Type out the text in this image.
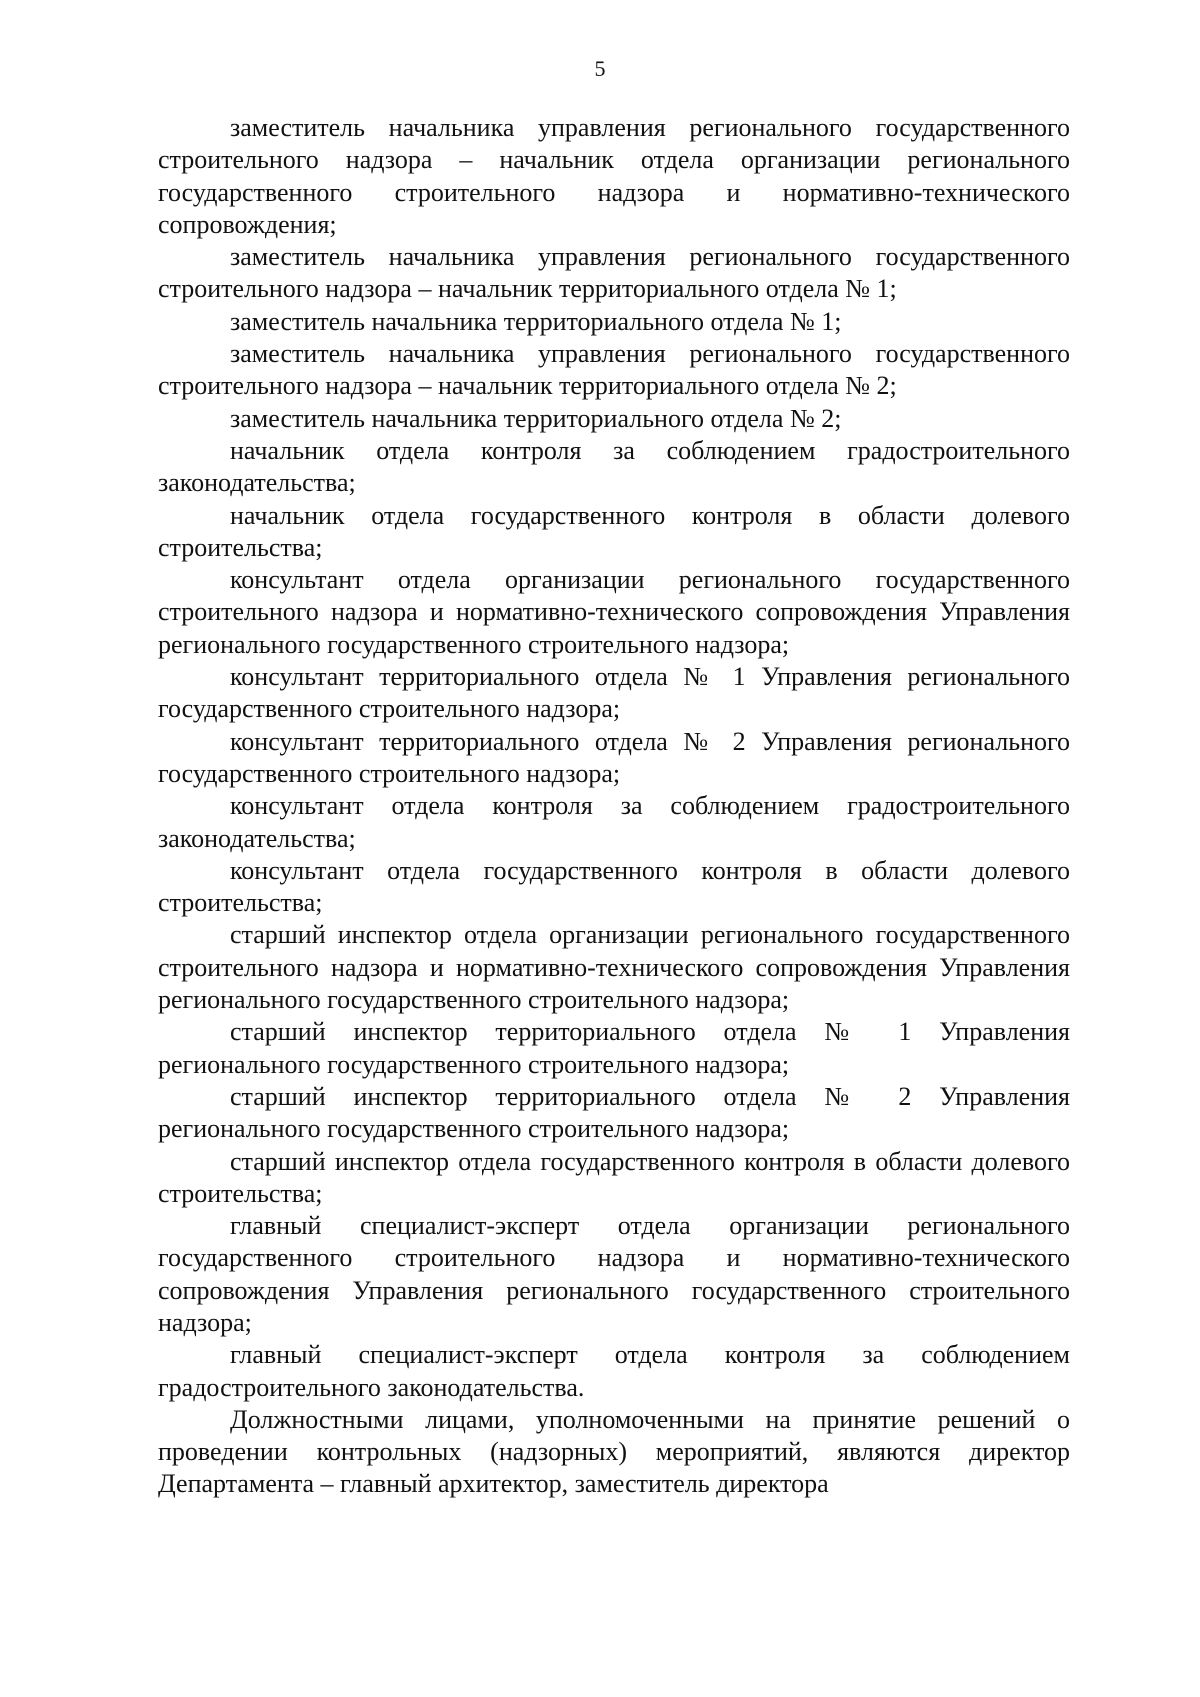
5

заместитель начальника управления регионального государственного строительного надзора – начальник отдела организации регионального государственного строительного надзора и нормативно-технического сопровождения;

заместитель начальника управления регионального государственного строительного надзора – начальник территориального отдела № 1;

заместитель начальника территориального отдела № 1;

заместитель начальника управления регионального государственного строительного надзора – начальник территориального отдела № 2;

заместитель начальника территориального отдела № 2;

начальник отдела контроля за соблюдением градостроительного законодательства;

начальник отдела государственного контроля в области долевого строительства;

консультант отдела организации регионального государственного строительного надзора и нормативно-технического сопровождения Управления регионального государственного строительного надзора;

консультант территориального отдела № 1 Управления регионального государственного строительного надзора;

консультант территориального отдела № 2 Управления регионального государственного строительного надзора;

консультант отдела контроля за соблюдением градостроительного законодательства;

консультант отдела государственного контроля в области долевого строительства;

старший инспектор отдела организации регионального государственного строительного надзора и нормативно-технического сопровождения Управления регионального государственного строительного надзора;

старший инспектор территориального отдела № 1 Управления регионального государственного строительного надзора;

старший инспектор территориального отдела № 2 Управления регионального государственного строительного надзора;

старший инспектор отдела государственного контроля в области долевого строительства;

главный специалист-эксперт отдела организации регионального государственного строительного надзора и нормативно-технического сопровождения Управления регионального государственного строительного надзора;

главный специалист-эксперт отдела контроля за соблюдением градостроительного законодательства.

Должностными лицами, уполномоченными на принятие решений о проведении контрольных (надзорных) мероприятий, являются директор Департамента – главный архитектор, заместитель директора
